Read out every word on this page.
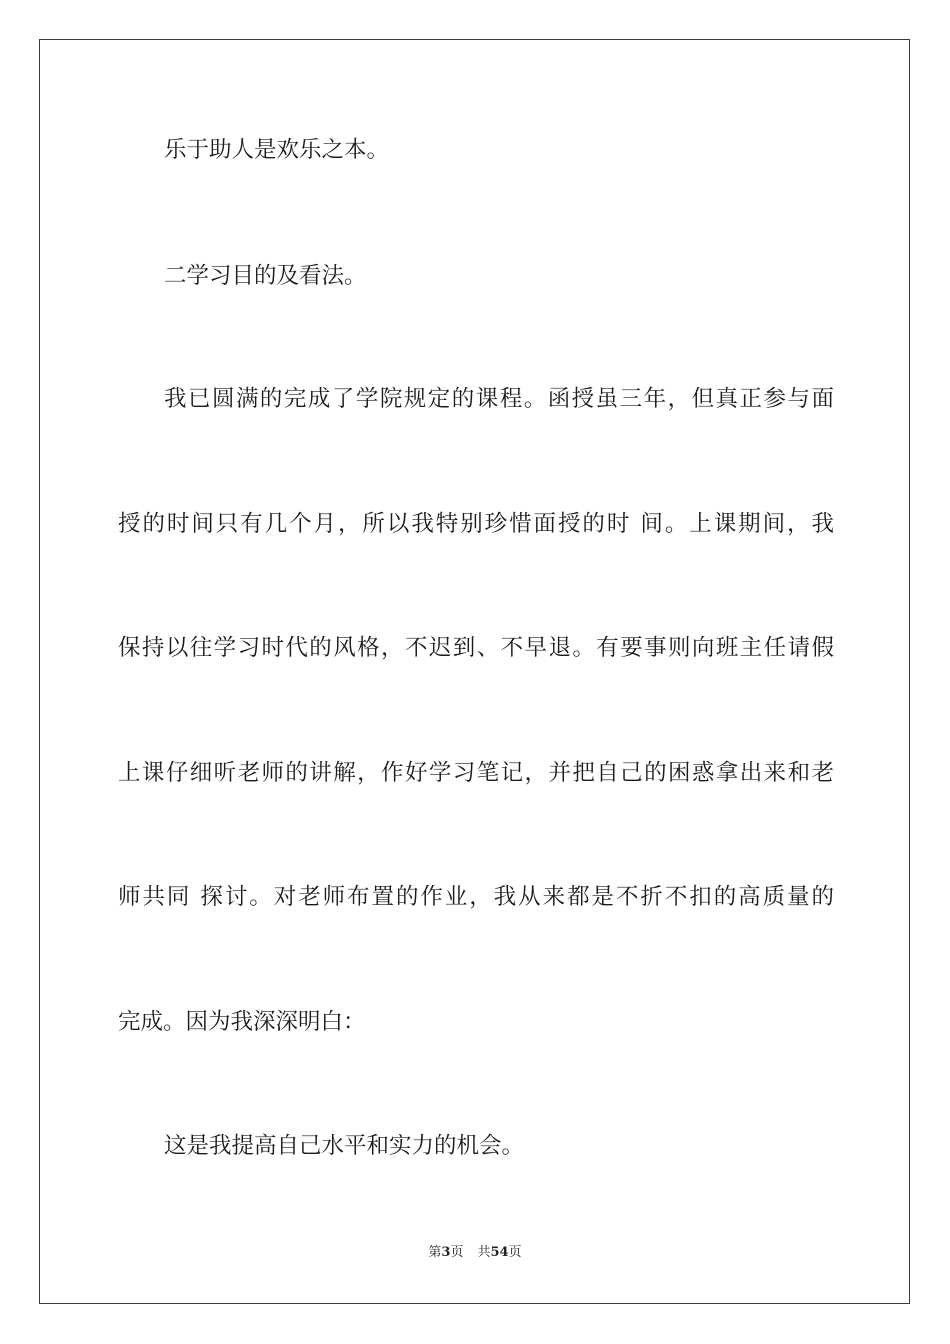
乐于助人是欢乐之本。
二学习目的及看法。
我已圆满的完成了学院规定的课程。函授虽三年，但真正参与面
授的时间只有几个月，所以我特别珍惜面授的时 间。上课期间，我
保持以往学习时代的风格，不迟到、不早退。有要事则向班主任请假
上课仔细听老师的讲解，作好学习笔记，并把自己的困惑拿出来和老
师共同 探讨。对老师布置的作业，我从来都是不折不扣的高质量的
完成。因为我深深明白：
这是我提高自己水平和实力的机会。
第3页 共54页
